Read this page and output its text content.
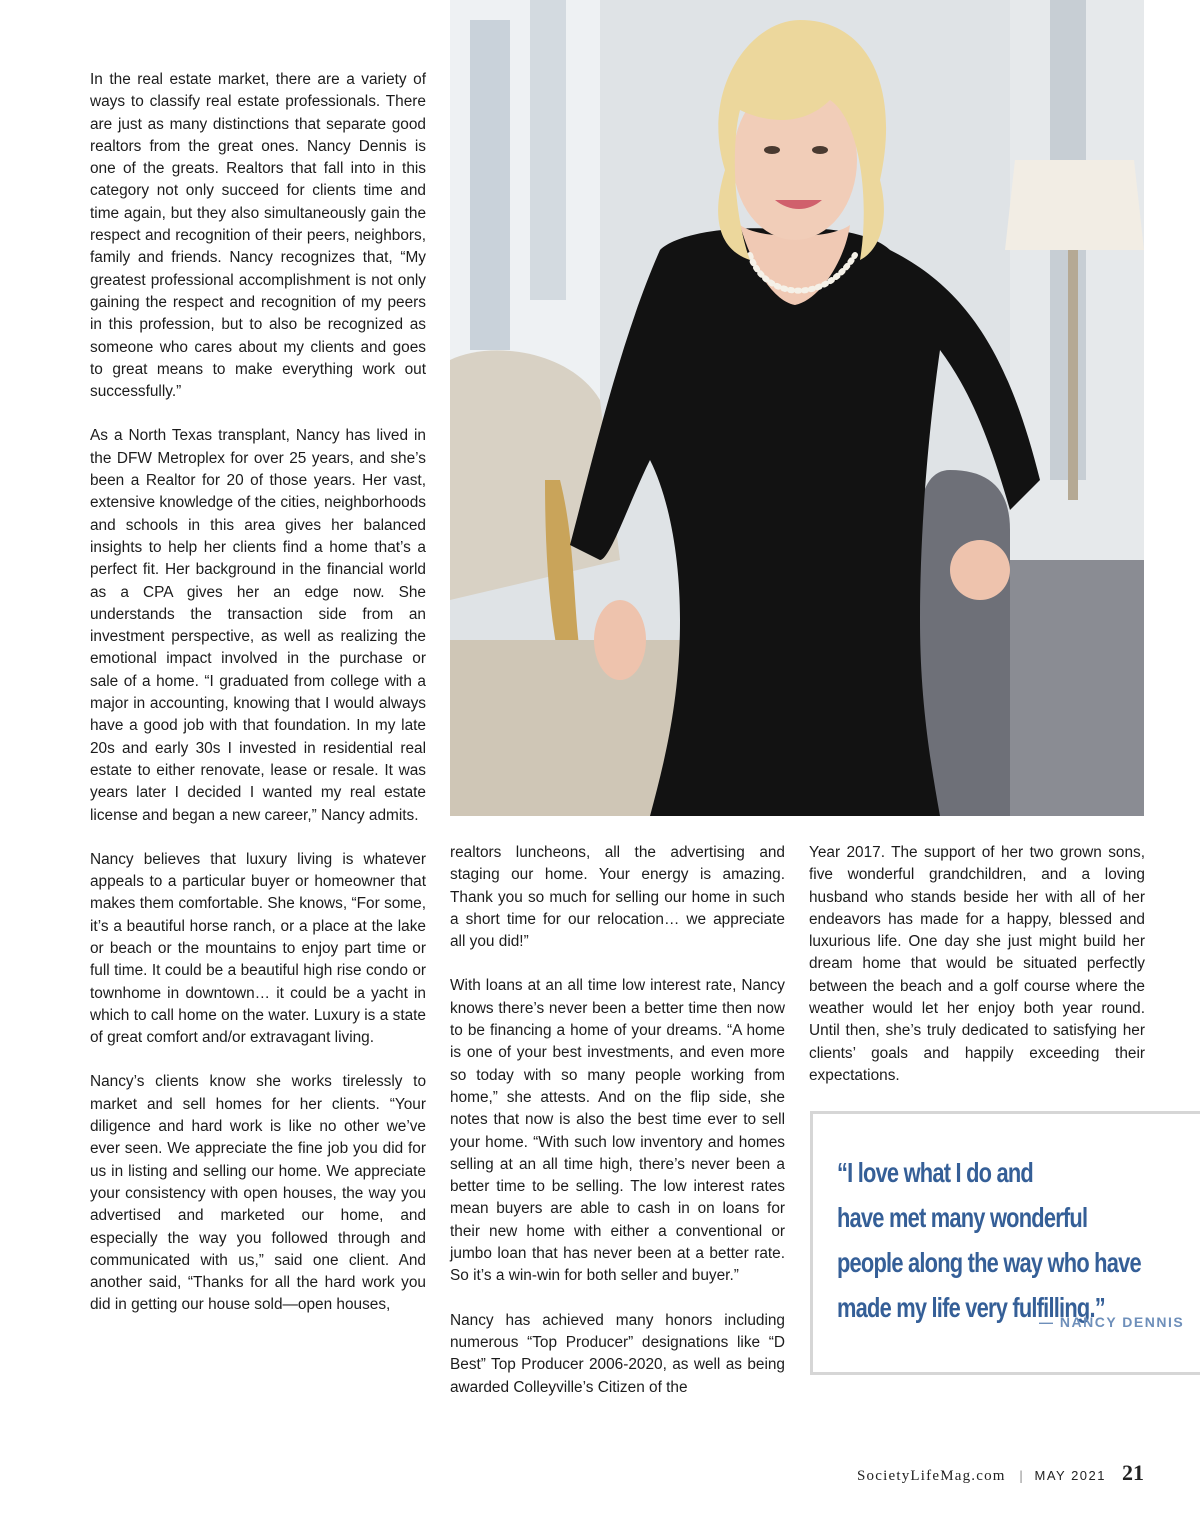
In the real estate market, there are a variety of ways to classify real estate professionals. There are just as many distinctions that separate good realtors from the great ones. Nancy Dennis is one of the greats. Realtors that fall into in this category not only succeed for clients time and time again, but they also simultaneously gain the respect and recognition of their peers, neighbors, family and friends. Nancy recognizes that, “My greatest professional accomplishment is not only gaining the respect and recognition of my peers in this profession, but to also be recognized as someone who cares about my clients and goes to great means to make everything work out successfully.”

As a North Texas transplant, Nancy has lived in the DFW Metroplex for over 25 years, and she’s been a Realtor for 20 of those years. Her vast, extensive knowledge of the cities, neighborhoods and schools in this area gives her balanced insights to help her clients find a home that’s a perfect fit. Her background in the financial world as a CPA gives her an edge now. She understands the transaction side from an investment perspective, as well as realizing the emotional impact involved in the purchase or sale of a home. “I graduated from college with a major in accounting, knowing that I would always have a good job with that foundation. In my late 20s and early 30s I invested in residential real estate to either renovate, lease or resale. It was years later I decided I wanted my real estate license and began a new career,” Nancy admits.

Nancy believes that luxury living is whatever appeals to a particular buyer or homeowner that makes them comfortable. She knows, “For some, it’s a beautiful horse ranch, or a place at the lake or beach or the mountains to enjoy part time or full time. It could be a beautiful high rise condo or townhome in downtown… it could be a yacht in which to call home on the water. Luxury is a state of great comfort and/or extravagant living.

Nancy’s clients know she works tirelessly to market and sell homes for her clients. “Your diligence and hard work is like no other we’ve ever seen. We appreciate the fine job you did for us in listing and selling our home. We appreciate your consistency with open houses, the way you advertised and marketed our home, and especially the way you followed through and communicated with us,” said one client. And another said, “Thanks for all the hard work you did in getting our house sold—open houses,

realtors luncheons, all the advertising and staging our home. Your energy is amazing. Thank you so much for selling our home in such a short time for our relocation… we appreciate all you did!”

With loans at an all time low interest rate, Nancy knows there’s never been a better time then now to be financing a home of your dreams. “A home is one of your best investments, and even more so today with so many people working from home,” she attests. And on the flip side, she notes that now is also the best time ever to sell your home. “With such low inventory and homes selling at an all time high, there’s never been a better time to be selling. The low interest rates mean buyers are able to cash in on loans for their new home with either a conventional or jumbo loan that has never been at a better rate. So it’s a win-win for both seller and buyer.”

Nancy has achieved many honors including numerous “Top Producer” designations like “D Best” Top Producer 2006-2020, as well as being awarded Colleyville’s Citizen of the

Year 2017. The support of her two grown sons, five wonderful grandchildren, and a loving husband who stands beside her with all of her endeavors has made for a happy, blessed and luxurious life. One day she just might build her dream home that would be situated perfectly between the beach and a golf course where the weather would let her enjoy both year round. Until then, she’s truly dedicated to satisfying her clients’ goals and happily exceeding their expectations.

“I love what I do and
have met many wonderful
people along the way who have
made my life very fulfilling.”
— NANCY DENNIS
SocietyLifeMag.com | MAY 2021 21
